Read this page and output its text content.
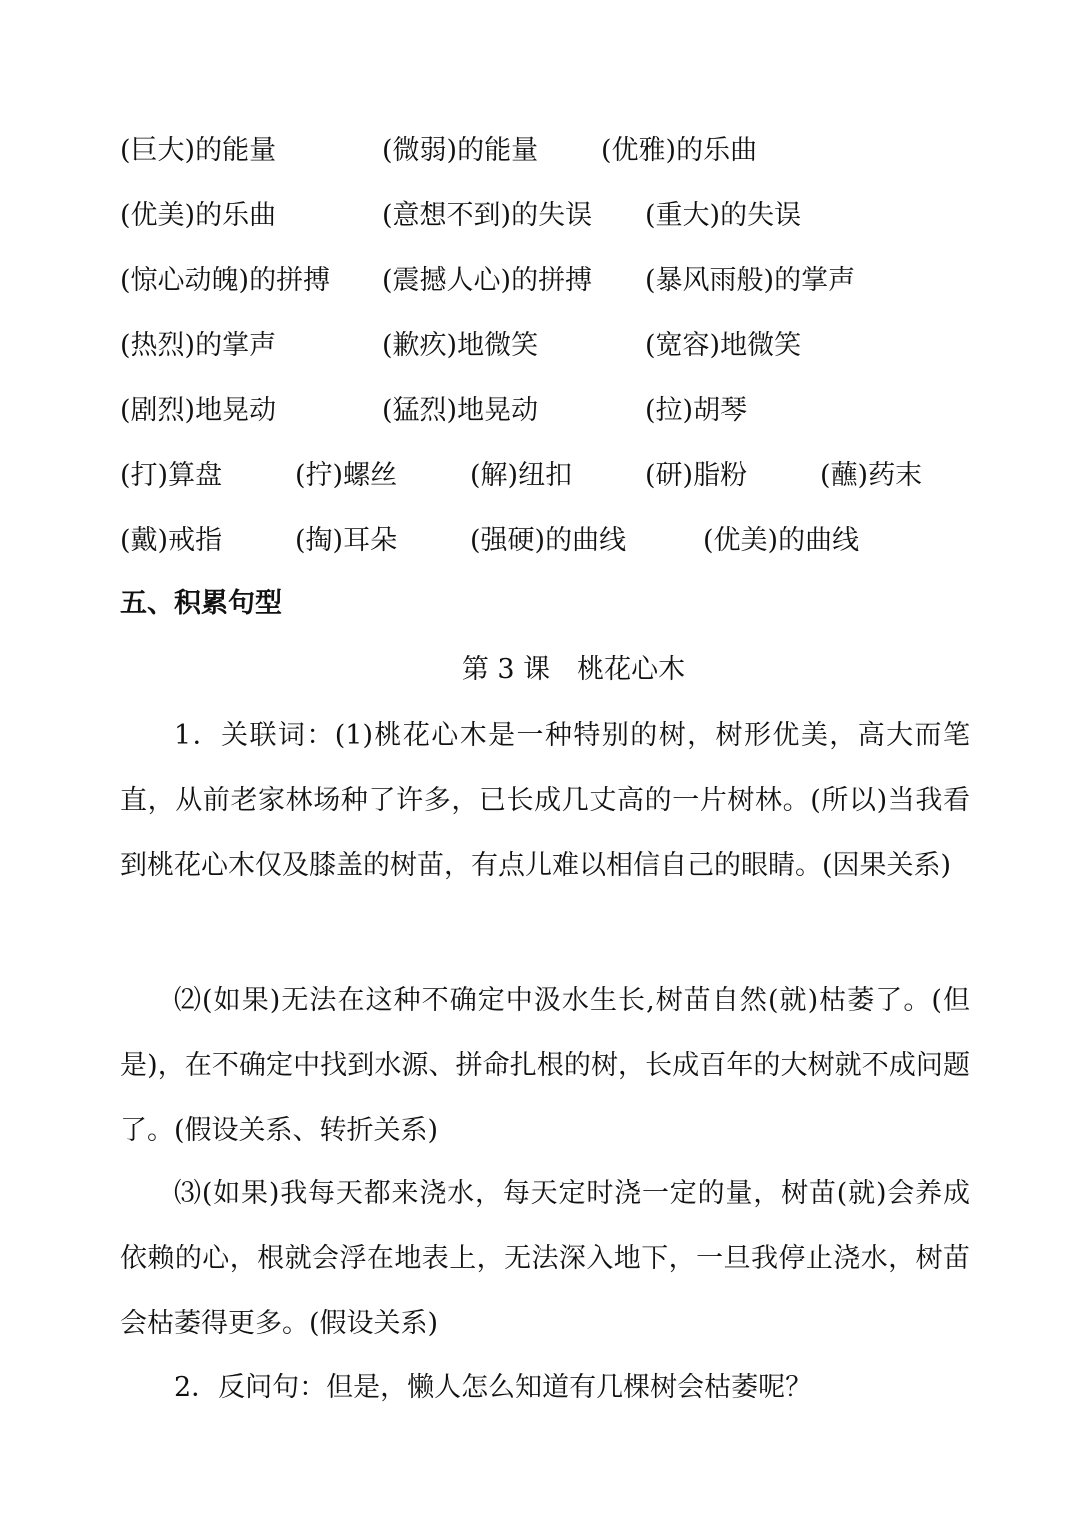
(巨大)的能量	(微弱)的能量 (优雅)的乐曲
(优美)的乐曲	(意想不到)的失误 (重大)的失误
(惊心动魄)的拼搏 (震撼人心)的拼搏 (暴风雨般)的掌声
(热烈)的掌声	(歉疚)地微笑	(宽容)地微笑
(剧烈)地晃动	(猛烈)地晃动	(拉)胡琴
(打)算盘	(拧)螺丝	(解)纽扣	(研)脂粉	(蘸)药末
(戴)戒指	(掏)耳朵	(强硬)的曲线	(优美)的曲线
五、积累句型
第 3 课　桃花心木

1．关联词：(1)桃花心木是一种特别的树，树形优美，高大而笔直，从前老家林场种了许多，已长成几丈高的一片树林。(所以)当我看到桃花心木仅及膝盖的树苗，有点儿难以相信自己的眼睛。(因果关系)

⑵(如果)无法在这种不确定中汲水生长,树苗自然(就)枯萎了。(但是)，在不确定中找到水源、拼命扎根的树，长成百年的大树就不成问题了。(假设关系、转折关系)

⑶(如果)我每天都来浇水，每天定时浇一定的量，树苗(就)会养成依赖的心，根就会浮在地表上，无法深入地下，一旦我停止浇水，树苗会枯萎得更多。(假设关系)

2．反问句：但是，懒人怎么知道有几棵树会枯萎呢？
